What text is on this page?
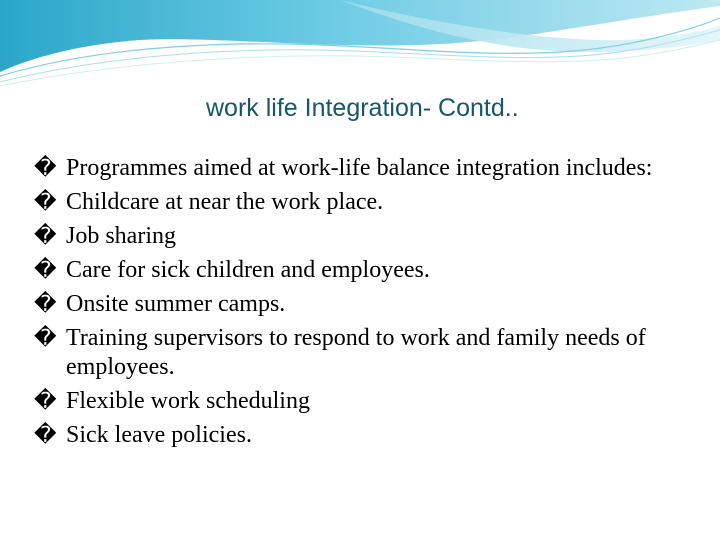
work life Integration- Contd..
� Programmes aimed at work-life balance integration includes:
� Childcare at near the work place.
� Job sharing
� Care for sick children and employees.
� Onsite summer camps.
� Training supervisors to respond to work and family needs of employees.
� Flexible work scheduling
� Sick leave policies.
